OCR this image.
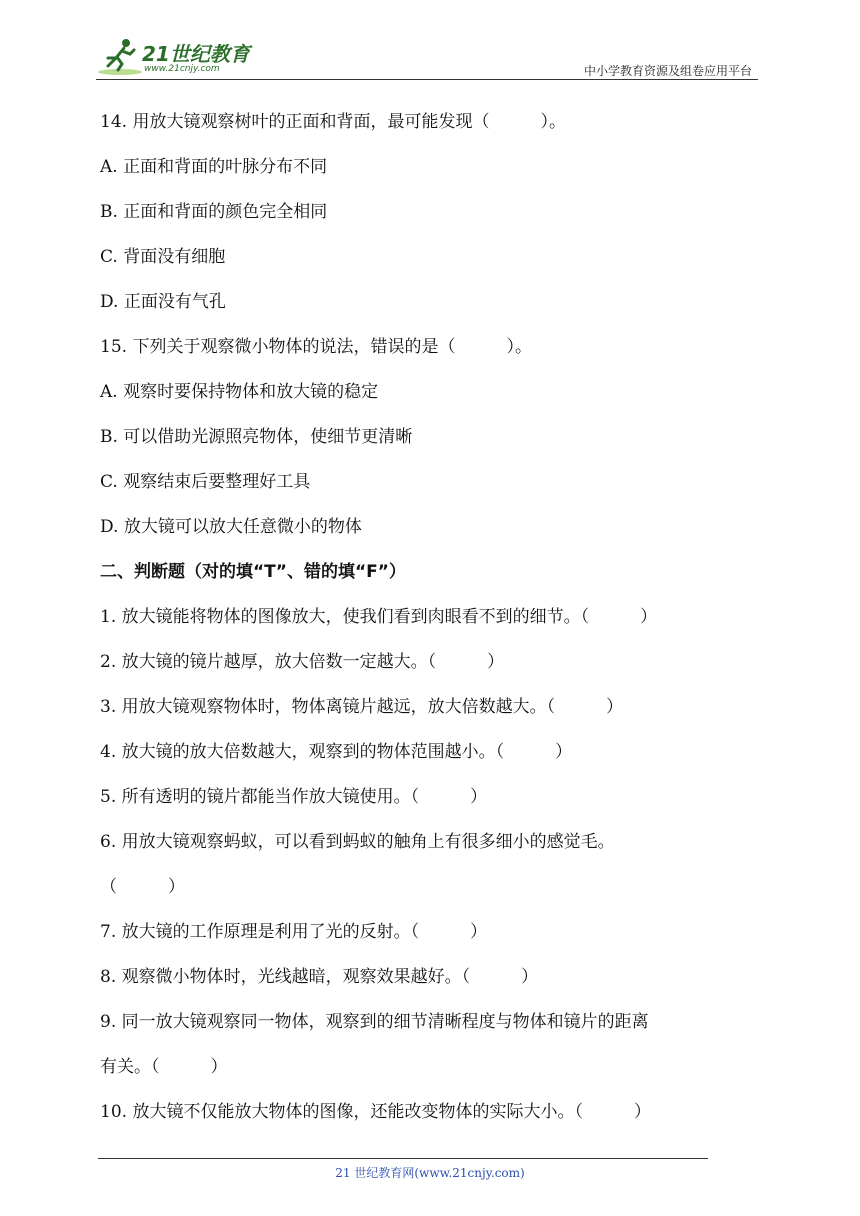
21世纪教育
www.21cnjy.com	中小学教育资源及组卷应用平台
14. 用放大镜观察树叶的正面和背面，最可能发现（　　　）。
A. 正面和背面的叶脉分布不同
B. 正面和背面的颜色完全相同
C. 背面没有细胞
D. 正面没有气孔
15. 下列关于观察微小物体的说法，错误的是（　　　）。
A. 观察时要保持物体和放大镜的稳定
B. 可以借助光源照亮物体，使细节更清晰
C. 观察结束后要整理好工具
D. 放大镜可以放大任意微小的物体
二、判断题（对的填“T”、错的填“F”）
1. 放大镜能将物体的图像放大，使我们看到肉眼看不到的细节。（　　　）
2. 放大镜的镜片越厚，放大倍数一定越大。（　　　）
3. 用放大镜观察物体时，物体离镜片越远，放大倍数越大。（　　　）
4. 放大镜的放大倍数越大，观察到的物体范围越小。（　　　）
5. 所有透明的镜片都能当作放大镜使用。（　　　）
6. 用放大镜观察蚂蚁，可以看到蚂蚁的触角上有很多细小的感觉毛。
（　　　）
7. 放大镜的工作原理是利用了光的反射。（　　　）
8. 观察微小物体时，光线越暗，观察效果越好。（　　　）
9. 同一放大镜观察同一物体，观察到的细节清晰程度与物体和镜片的距离
有关。（　　　）
10. 放大镜不仅能放大物体的图像，还能改变物体的实际大小。（　　　）
21 世纪教育网(www.21cnjy.com)
